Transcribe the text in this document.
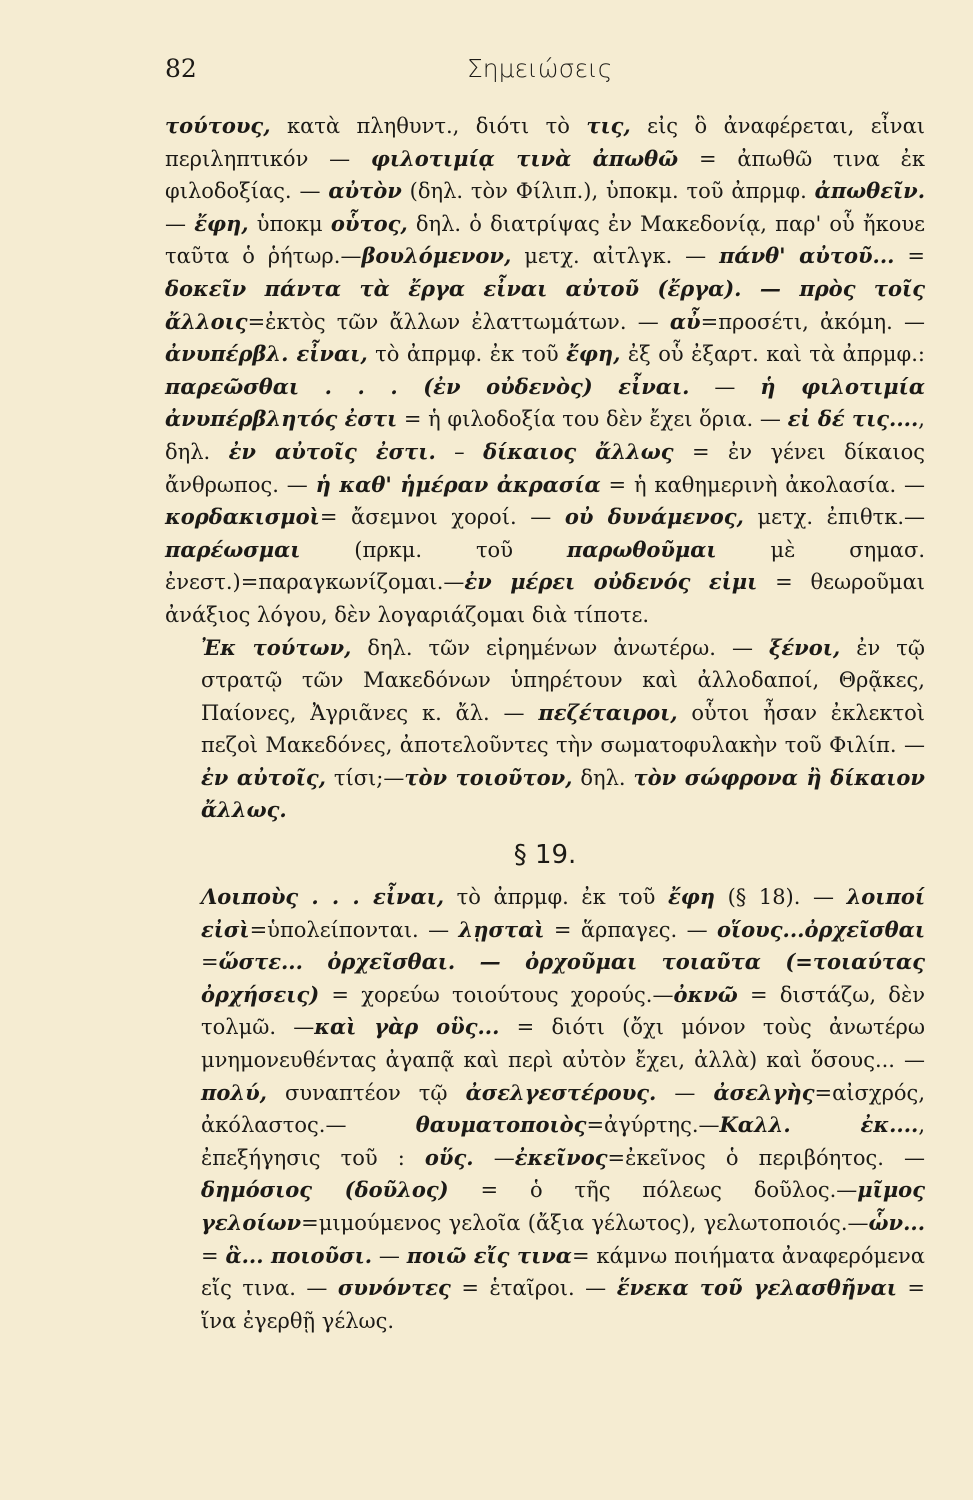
82	Σημειώσεις

τούτους, κατὰ πληθυντ., διότι τὸ τις, εἰς ὃ ἀναφέρεται, εἶναι περιληπτικόν — φιλοτιμίᾳ τινὰ ἀπωθῶ = ἀπωθῶ τινα ἐκ φιλοδοξίας. — αὐτὸν (δηλ. τὸν Φίλιπ.), ὑποκμ. τοῦ ἀπρμφ. ἀπωθεῖν.— ἔφη, ὑποκμ οὗτος, δηλ. ὁ διατρίψας ἐν Μακεδονίᾳ, παρ' οὗ ἤκουε ταῦτα ὁ ῥήτωρ.—βουλόμενον, μετχ. αἰτλγκ. — πάνθ' αὐτοῦ... = δοκεῖν πάντα τὰ ἔργα εἶναι αὐτοῦ (ἔργα). — πρὸς τοῖς ἄλλοις=ἐκτὸς τῶν ἄλλων ἐλαττωμάτων. — αὖ=προσέτι, ἀκόμη. — ἀνυπέρβλ. εἶναι, τὸ ἀπρμφ. ἐκ τοῦ ἔφη, ἐξ οὗ ἐξαρτ. καὶ τὰ ἀπρμφ.: παρεῶσθαι . . . (ἐν οὐδενὸς) εἶναι. — ἡ φιλοτιμία ἀνυπέρβλητός ἐστι = ἡ φιλοδοξία του δὲν ἔχει ὅρια. — εἰ δέ τις...., δηλ. ἐν αὐτοῖς ἐστι. – δίκαιος ἄλλως = ἐν γένει δίκαιος ἄνθρωπος. — ἡ καθ' ἡμέραν ἀκρασία = ἡ καθημερινὴ ἀκολασία. — κορδακισμοὶ= ἄσεμνοι χοροί. — οὐ δυνάμενος, μετχ. ἐπιθτκ.— παρέωσμαι (πρκμ. τοῦ παρωθοῦμαι μὲ σημασ. ἐνεστ.)=παραγκωνίζομαι.—ἐν μέρει οὐδενός εἰμι = θεωροῦμαι ἀνάξιος λόγου, δὲν λογαριάζομαι διὰ τίποτε.

Ἐκ τούτων, δηλ. τῶν εἰρημένων ἀνωτέρω. — ξένοι, ἐν τῷ στρατῷ τῶν Μακεδόνων ὑπηρέτουν καὶ ἀλλοδαποί, Θρᾷκες, Παίονες, Ἀγριᾶνες κ. ἄλ. — πεζέταιροι, οὗτοι ἦσαν ἐκλεκτοὶ πεζοὶ Μακεδόνες, ἀποτελοῦντες τὴν σωματοφυλακὴν τοῦ Φιλίπ. — ἐν αὐτοῖς, τίσι;—τὸν τοιοῦτον, δηλ. τὸν σώφρονα ἢ δίκαιον ἄλλως.

§ 19.

Λοιποὺς . . . εἶναι, τὸ ἀπρμφ. ἐκ τοῦ ἔφη (§ 18). — λοιποί εἰσὶ=ὑπολείπονται. — λῃσταὶ = ἅρπαγες. — οἵους...ὀρχεῖσθαι =ὥστε... ὀρχεῖσθαι. — ὀρχοῦμαι τοιαῦτα (=τοιαύτας ὀρχήσεις) = χορεύω τοιούτους χορούς.—ὀκνῶ = διστάζω, δὲν τολμῶ. —καὶ γὰρ οὓς... = διότι (ὄχι μόνον τοὺς ἀνωτέρω μνημονευθέντας ἀγαπᾷ καὶ περὶ αὐτὸν ἔχει, ἀλλὰ) καὶ ὅσους... — πολύ, συναπτέον τῷ ἀσελγεστέρους. — ἀσελγὴς=αἰσχρός, ἀκόλαστος.— θαυματοποιὸς=ἀγύρτης.—Καλλ. ἐκ...., ἐπεξήγησις τοῦ : οὕς. —ἐκεῖνος=ἐκεῖνος ὁ περιβόητος. — δημόσιος (δοῦλος) = ὁ τῆς πόλεως δοῦλος.—μῖμος γελοίων=μιμούμενος γελοῖα (ἄξια γέλωτος), γελωτοποιός.—ὧν... = ἃ... ποιοῦσι. — ποιῶ εἴς τινα= κάμνω ποιήματα ἀναφερόμενα εἴς τινα. — συνόντες = ἑταῖροι. — ἕνεκα τοῦ γελασθῆναι = ἵνα ἐγερθῇ γέλως.
